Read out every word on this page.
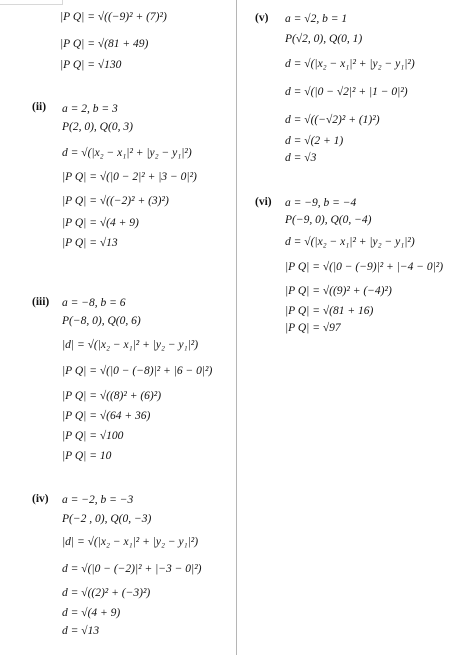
|P Q| = √((−9)² + (7)²)
|P Q| = √(81 + 49)
|P Q| = √130
(ii) a = 2, b = 3
P(2, 0), Q(0, 3)
d = √(|x₂ − x₁|² + |y₂ − y₁|²)
|P Q| = √(|0 − 2|² + |3 − 0|²)
|P Q| = √((−2)² + (3)²)
|P Q| = √(4 + 9)
|P Q| = √13
(iii) a = −8, b = 6
P(−8, 0), Q(0, 6)
|d| = √(|x₂ − x₁|² + |y₂ − y₁|²)
|P Q| = √(|0 − (−8)|² + |6 − 0|²)
|P Q| = √((8)² + (6)²)
|P Q| = √(64 + 36)
|P Q| = √100
|P Q| = 10
(iv) a = −2, b = −3
P(−2 , 0), Q(0, −3)
|d| = √(|x₂ − x₁|² + |y₂ − y₁|²)
d = √(|0 − (−2)|² + |−3 − 0|²)
d = √((2)² + (−3)²)
d = √(4 + 9)
d = √13
(v) a = √2, b = 1
P(√2, 0), Q(0, 1)
d = √(|x₂ − x₁|² + |y₂ − y₁|²)
d = √(|0 − √2|² + |1 − 0|²)
d = √((−√2)² + (1)²)
d = √(2 + 1)
d = √3
(vi) a = −9, b = −4
P(−9, 0), Q(0, −4)
d = √(|x₂ − x₁|² + |y₂ − y₁|²)
|P Q| = √(|0 − (−9)|² + |−4 − 0|²)
|P Q| = √((9)² + (−4)²)
|P Q| = √(81 + 16)
|P Q| = √97
